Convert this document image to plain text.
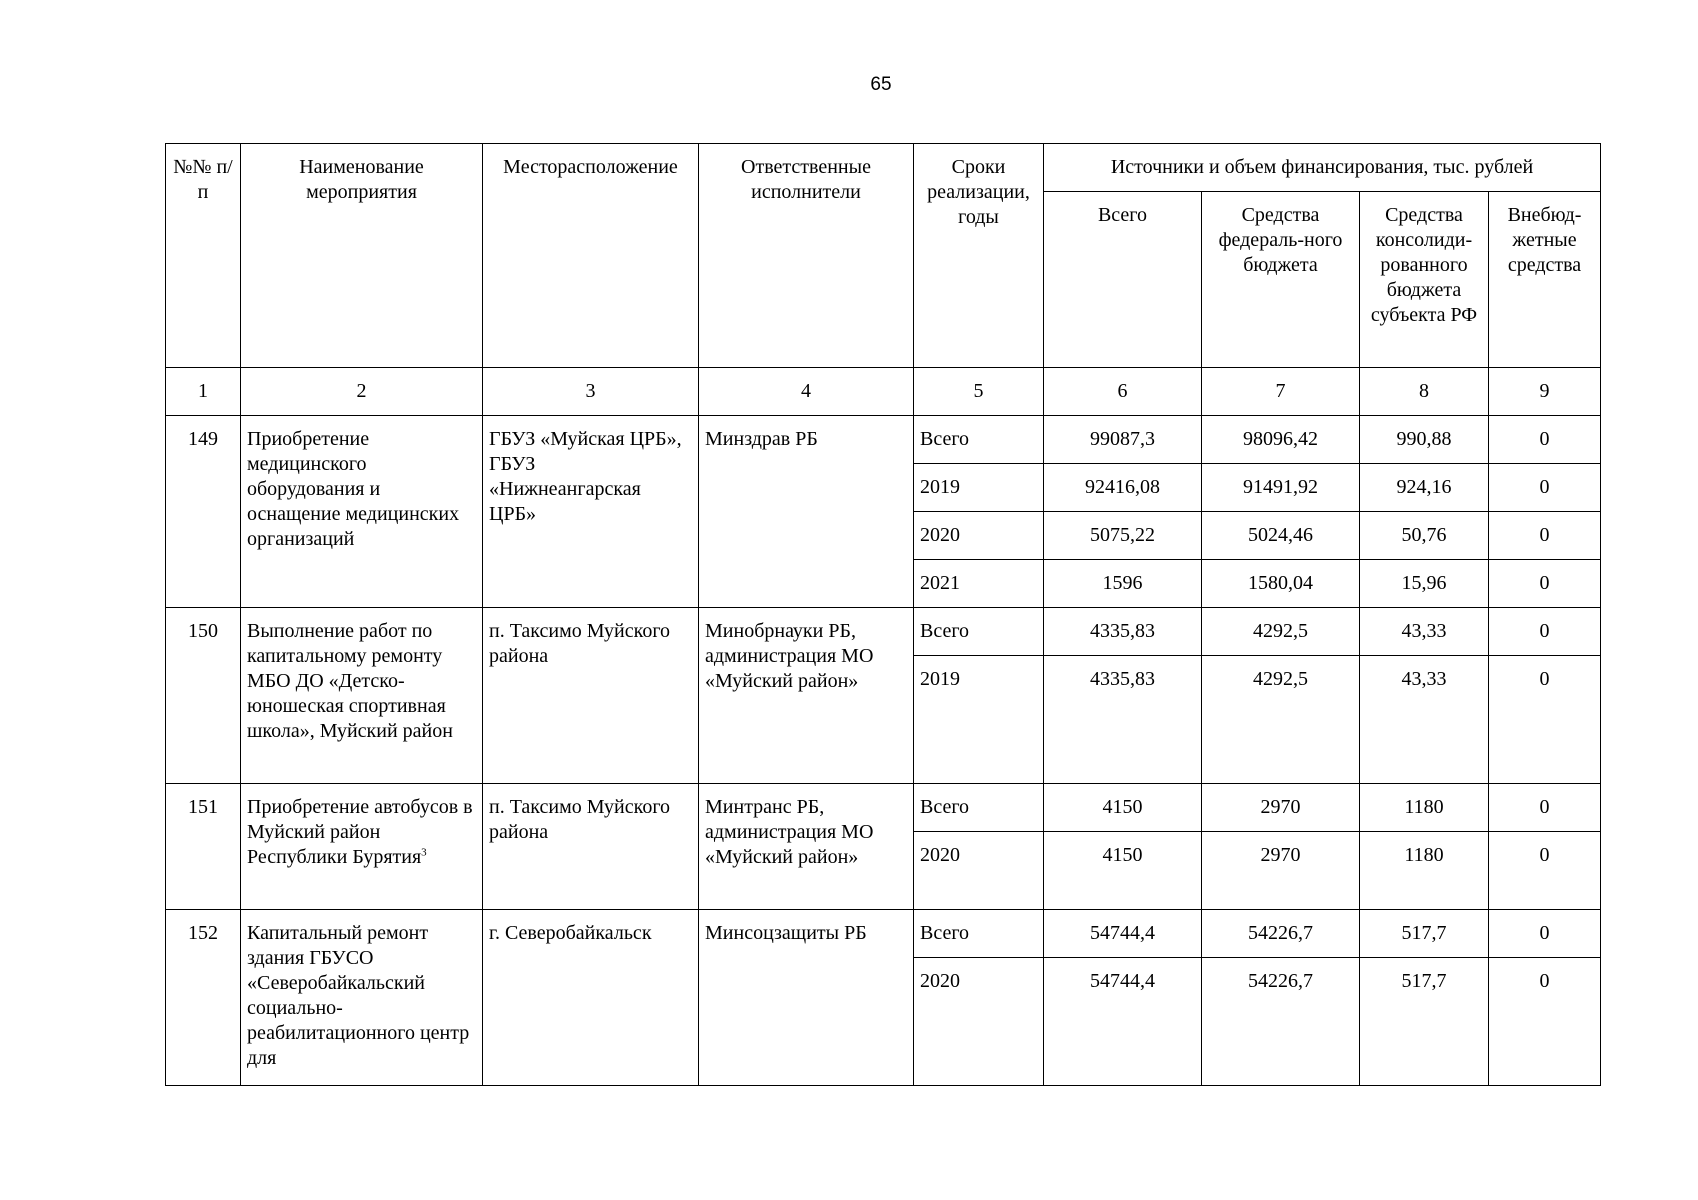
65
№№ п/п	Наименование мероприятия	Месторасположение	Ответственные исполнители	Сроки реализации, годы	Источники и объем финансирования, тыс. рублей			
					Всего	Средства федераль-ного бюджета	Средства консолиди-рованного бюджета субъекта РФ	Внебюд-жетные средства
1	2	3	4	5	6	7	8	9
149	Приобретение медицинского оборудования и оснащение медицинских организаций	ГБУЗ «Муйская ЦРБ», ГБУЗ «Нижнеангарская ЦРБ»	Минздрав РБ	Всего	99087,3	98096,42	990,88	0
				2019	92416,08	91491,92	924,16	0
				2020	5075,22	5024,46	50,76	0
				2021	1596	1580,04	15,96	0
150	Выполнение работ по капитальному ремонту МБО ДО «Детско-юношеская спортивная школа», Муйский район	п. Таксимо Муйского района	Минобрнауки РБ, администрация МО «Муйский район»	Всего	4335,83	4292,5	43,33	0
				2019	4335,83	4292,5	43,33	0
151	Приобретение автобусов в Муйский район Республики Бурятия$^3$	п. Таксимо Муйского района	Минтранс РБ, администрация МО «Муйский район»	Всего	4150	2970	1180	0
				2020	4150	2970	1180	0
152	Капитальный ремонт здания ГБУСО «Северобайкальский социально-реабилитационного центр для	г. Северобайкальск	Минсоцзащиты РБ	Всего	54744,4	54226,7	517,7	0
				2020	54744,4	54226,7	517,7	0
